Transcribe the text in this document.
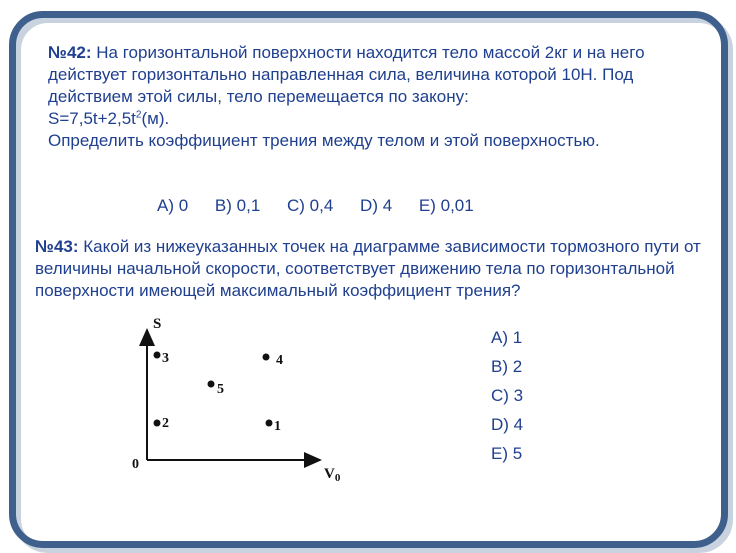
№42: На горизонтальной поверхности находится тело массой 2кг и на него действует горизонтально направленная сила, величина которой 10Н. Под действием этой силы, тело перемещается по закону:
$S=7,5t+2,5t^2(м)$.
Определить коэффициент трения между телом и этой поверхностью.
A) 0 B) 0,1 C) 0,4 D) 4 E) 0,01
№43: Какой из нижеуказанных точек на диаграмме зависимости тормозного пути от величины начальной скорости, соответствует движению тела по горизонтальной поверхности имеющей максимальный коэффициент трения?
S
0
$V_0$
3	4
5
2	1
A) 1
B) 2
C) 3
D) 4
E) 5
